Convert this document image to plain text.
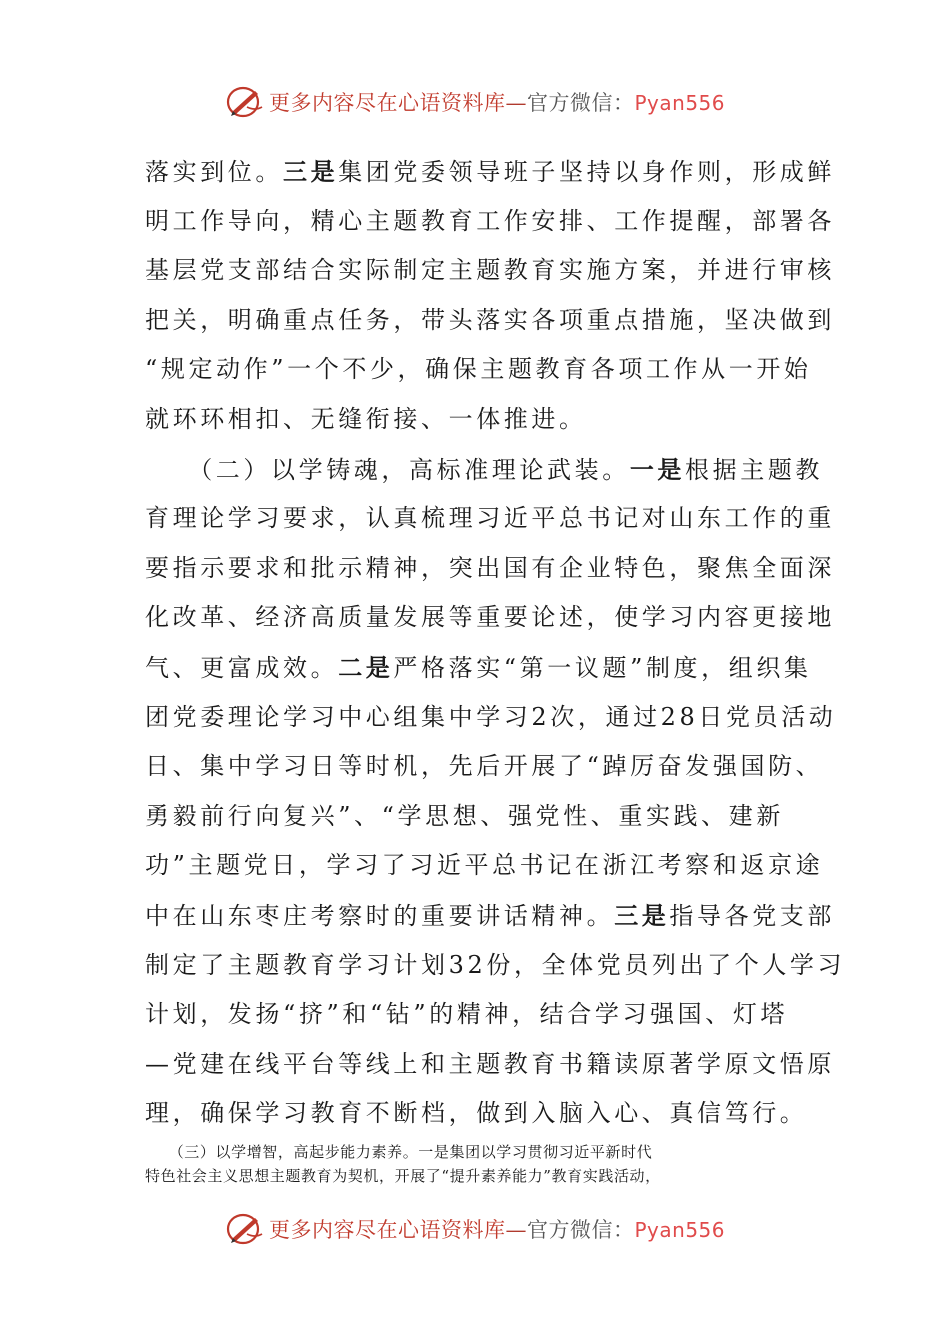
更多内容尽在心语资料库—官方微信：Pyan556
落实到位。三是集团党委领导班子坚持以身作则，形成鲜
明工作导向，精心主题教育工作安排、工作提醒，部署各
基层党支部结合实际制定主题教育实施方案，并进行审核
把关，明确重点任务，带头落实各项重点措施，坚决做到
“规定动作”一个不少，确保主题教育各项工作从一开始
就环环相扣、无缝衔接、一体推进。
　　（二）以学铸魂，高标准理论武装。一是根据主题教
育理论学习要求，认真梳理习近平总书记对山东工作的重
要指示要求和批示精神，突出国有企业特色，聚焦全面深
化改革、经济高质量发展等重要论述，使学习内容更接地
气、更富成效。二是严格落实“第一议题”制度，组织集
团党委理论学习中心组集中学习2次，通过28日党员活动
日、集中学习日等时机，先后开展了“踔厉奋发强国防、
勇毅前行向复兴”、“学思想、强党性、重实践、建新
功”主题党日，学习了习近平总书记在浙江考察和返京途
中在山东枣庄考察时的重要讲话精神。三是指导各党支部
制定了主题教育学习计划32份，全体党员列出了个人学习
计划，发扬“挤”和“钻”的精神，结合学习强国、灯塔
—党建在线平台等线上和主题教育书籍读原著学原文悟原
理，确保学习教育不断档，做到入脑入心、真信笃行。
　　（三）以学增智，高起步能力素养。一是集团以学习贯彻习近平新时代
特色社会主义思想主题教育为契机，开展了“提升素养能力”教育实践活动，
更多内容尽在心语资料库—官方微信：Pyan556
